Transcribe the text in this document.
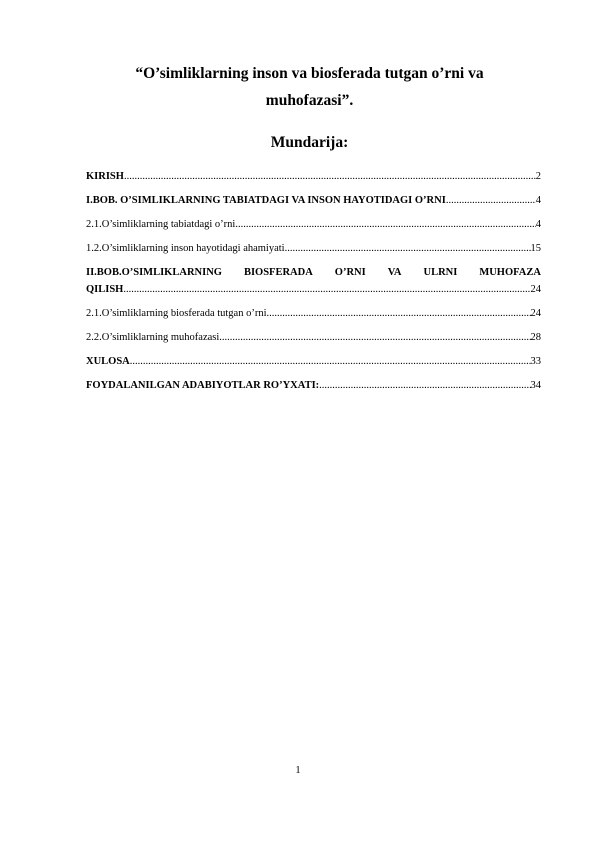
“O’simliklarning inson va biosferada tutgan o’rni va
muhofazasi”.
Mundarija:
KIRISH .....	2
I.BOB. O’SIMLIKLARNING TABIATDAGI VA INSON HAYOTIDAGI O’RNI .....	4
2.1.O’simliklarning tabiatdagi o’rni .....	4
1.2.O’simliklarning inson hayotidagi ahamiyati .....	15
II.BOB.O’SIMLIKLARNING BIOSFERADA O’RNI VA ULRNI MUHOFAZA
QILISH .....	24
2.1.O’simliklarning biosferada tutgan o’rni .....	24
2.2.O’simliklarning muhofazasi .....	28
XULOSA .....	33
FOYDALANILGAN ADABIYOTLAR RO’YXATI: .....	34
1
